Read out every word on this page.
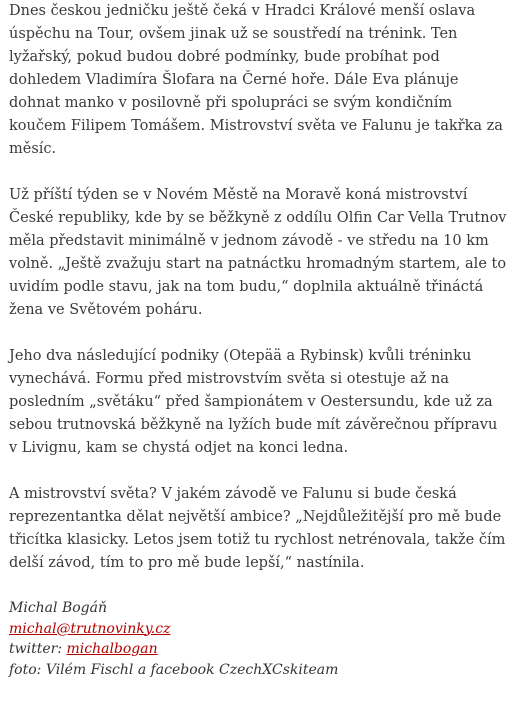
Dnes českou jedničku ještě čeká v Hradci Králové menší oslava úspěchu na Tour, ovšem jinak už se soustředí na trénink. Ten lyžařský, pokud budou dobré podmínky, bude probíhat pod dohledem Vladimíra Šlofara na Černé hoře. Dále Eva plánuje dohnat manko v posilovně při spolupráci se svým kondičním koučem Filipem Tomášem. Mistrovství světa ve Falunu je takřka za měsíc.

Už příští týden se v Novém Městě na Moravě koná mistrovství České republiky, kde by se běžkyně z oddílu Olfin Car Vella Trutnov měla představit minimálně v jednom závodě - ve středu na 10 km volně. „Ještě zvažuju start na patnáctku hromadným startem, ale to uvidím podle stavu, jak na tom budu,“ doplnila aktuálně třináctá žena ve Světovém poháru.

Jeho dva následující podniky (Otepää a Rybinsk) kvůli tréninku vynechává. Formu před mistrovstvím světa si otestuje až na posledním „světáku“ před šampionátem v Oestersundu, kde už za sebou trutnovská běžkyně na lyžích bude mít závěrečnou přípravu v Livignu, kam se chystá odjet na konci ledna.

A mistrovství světa? V jakém závodě ve Falunu si bude česká reprezentantka dělat největší ambice? „Nejdůležitější pro mě bude třicítka klasicky. Letos jsem totiž tu rychlost netrénovala, takže čím delší závod, tím to pro mě bude lepší,“ nastínila.

Michal Bogáň
michal@trutnovinky.cz
twitter: michalbogan
foto: Vilém Fischl a facebook CzechXCskiteam
